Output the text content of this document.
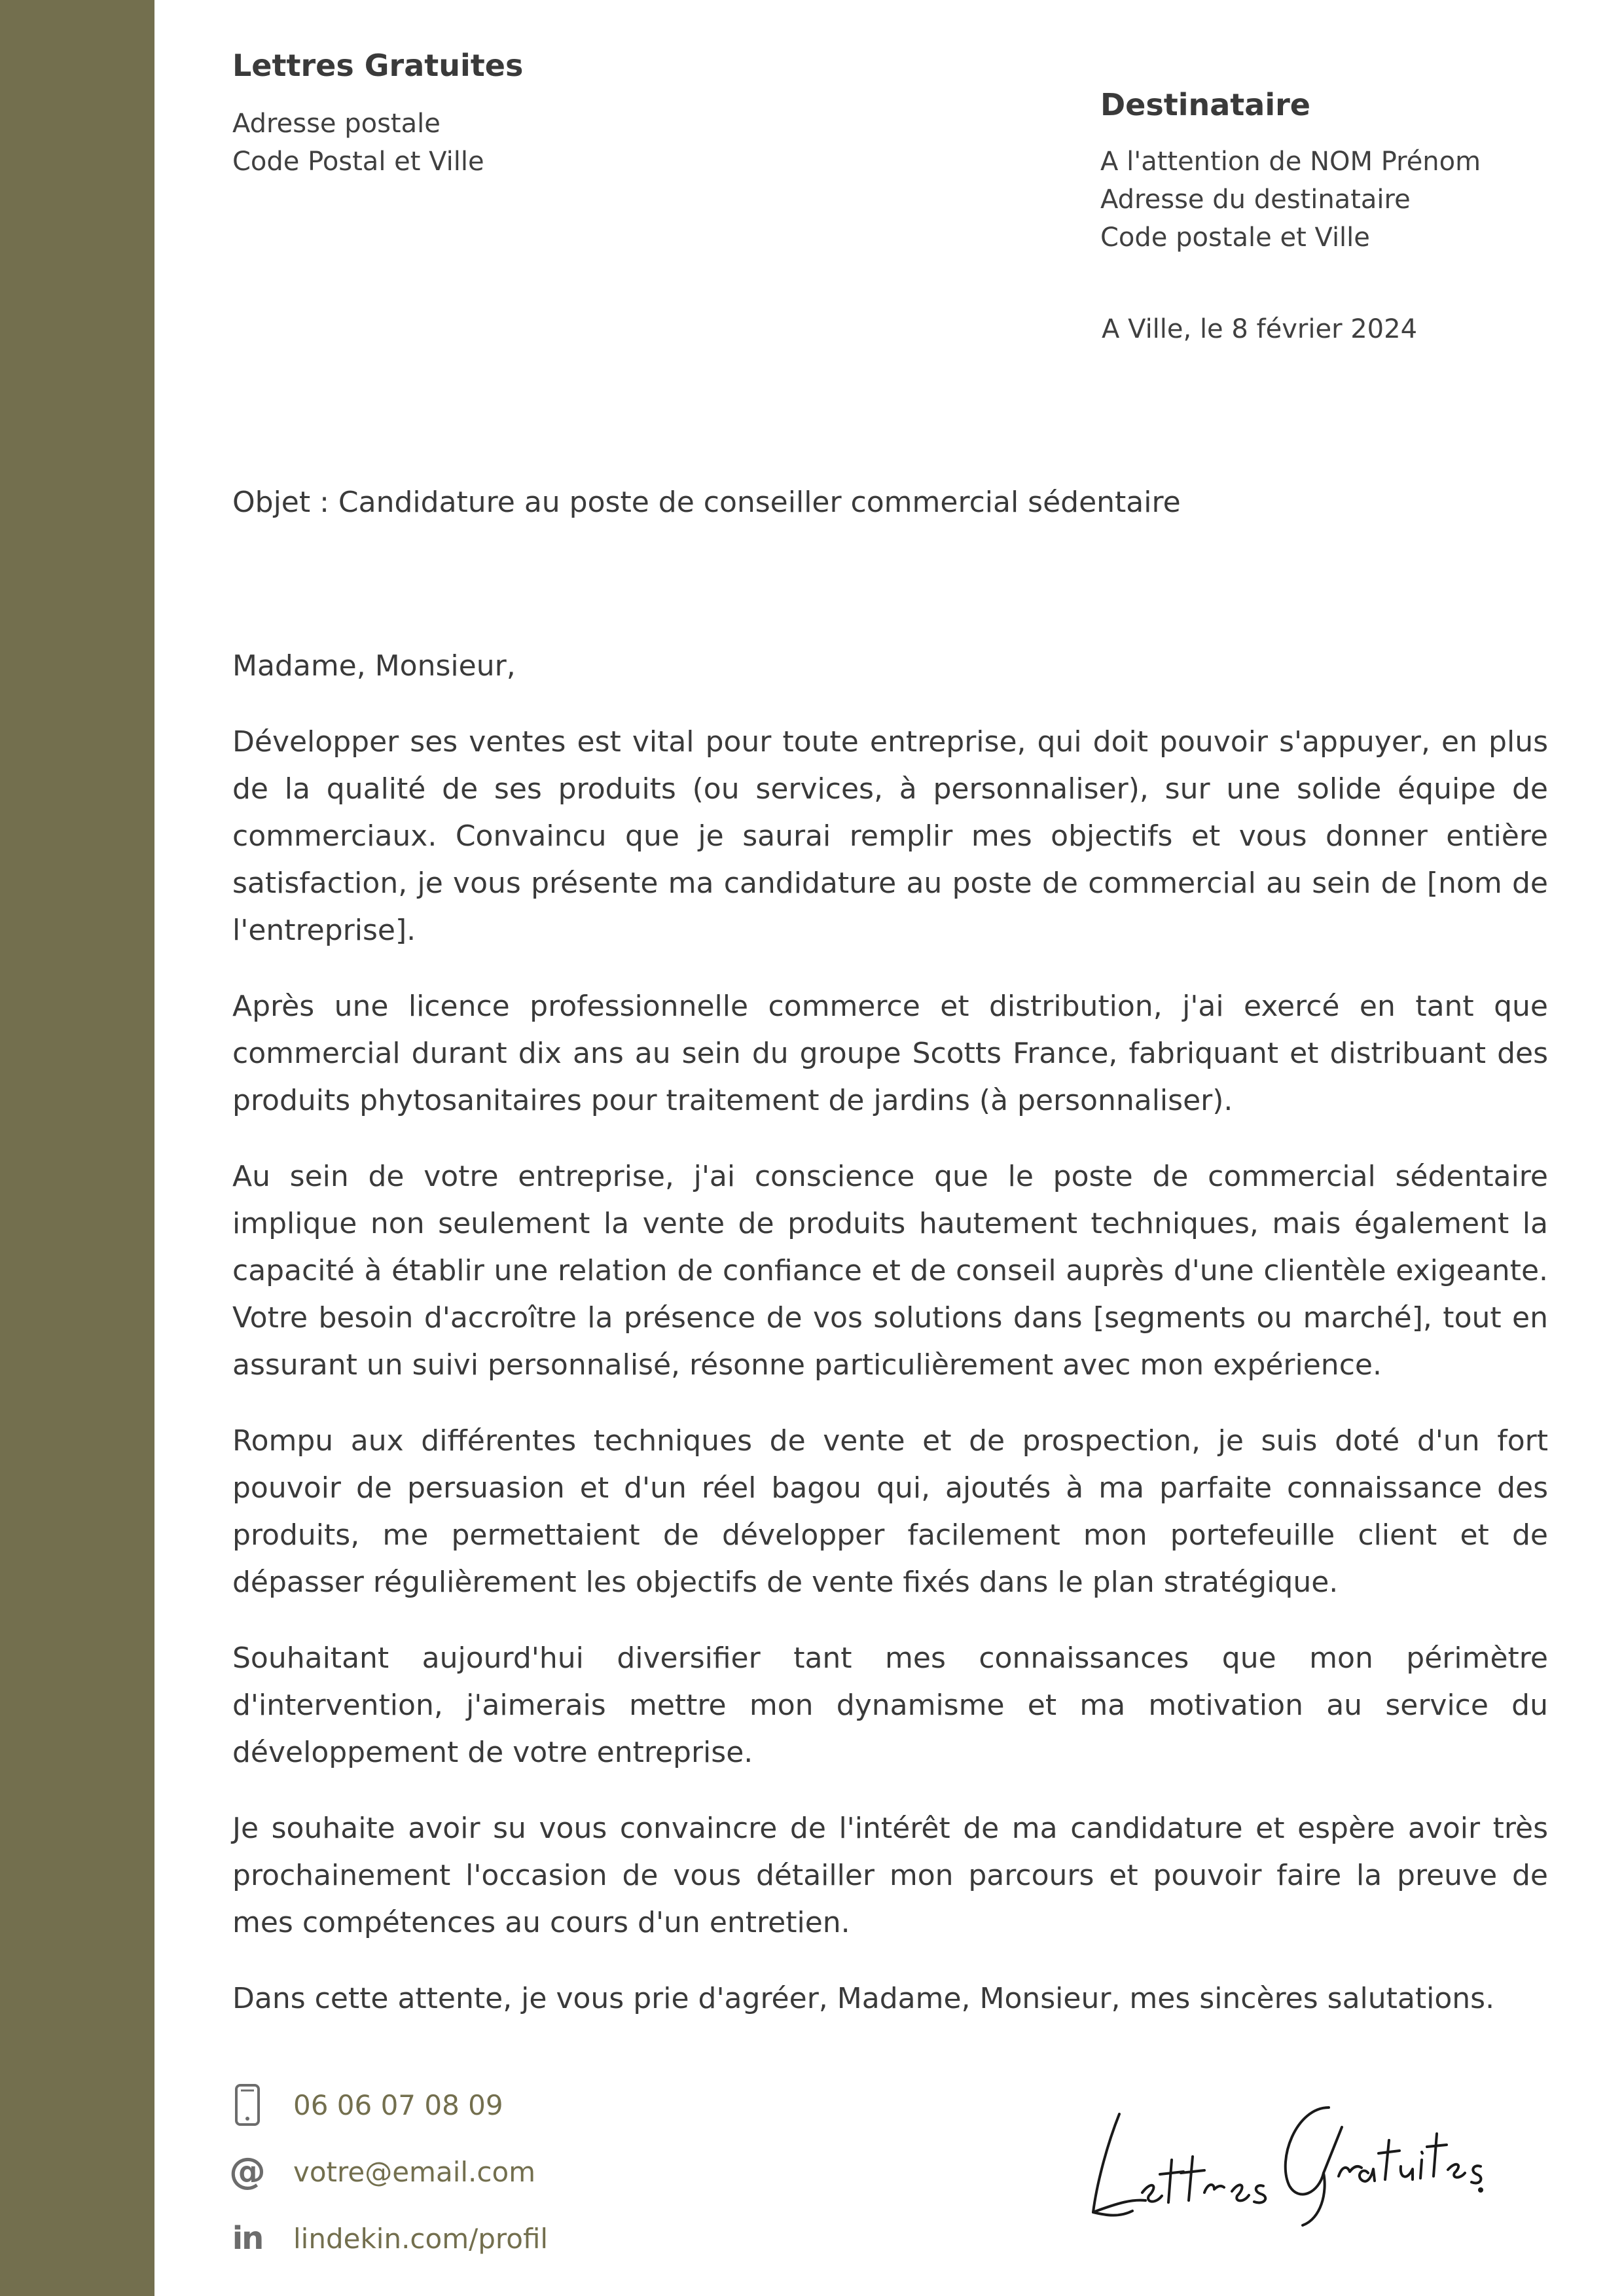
Lettres Gratuites
Adresse postale
Code Postal et Ville
Destinataire
A l'attention de NOM Prénom
Adresse du destinataire
Code postale et Ville
A Ville, le 8 février 2024
Objet : Candidature au poste de conseiller commercial sédentaire
Madame, Monsieur,

Développer ses ventes est vital pour toute entreprise, qui doit pouvoir s'appuyer, en plus de la qualité de ses produits (ou services, à personnaliser), sur une solide équipe de commerciaux. Convaincu que je saurai remplir mes objectifs et vous donner entière satisfaction, je vous présente ma candidature au poste de commercial au sein de [nom de l'entreprise].

Après une licence professionnelle commerce et distribution, j'ai exercé en tant que commercial durant dix ans au sein du groupe Scotts France, fabriquant et distribuant des produits phytosanitaires pour traitement de jardins (à personnaliser).

Au sein de votre entreprise, j'ai conscience que le poste de commercial sédentaire implique non seulement la vente de produits hautement techniques, mais également la capacité à établir une relation de confiance et de conseil auprès d'une clientèle exigeante. Votre besoin d'accroître la présence de vos solutions dans [segments ou marché], tout en assurant un suivi personnalisé, résonne particulièrement avec mon expérience.

Rompu aux différentes techniques de vente et de prospection, je suis doté d'un fort pouvoir de persuasion et d'un réel bagou qui, ajoutés à ma parfaite connaissance des produits, me permettaient de développer facilement mon portefeuille client et de dépasser régulièrement les objectifs de vente fixés dans le plan stratégique.

Souhaitant aujourd'hui diversifier tant mes connaissances que mon périmètre d'intervention, j'aimerais mettre mon dynamisme et ma motivation au service du développement de votre entreprise.

Je souhaite avoir su vous convaincre de l'intérêt de ma candidature et espère avoir très prochainement l'occasion de vous détailler mon parcours et pouvoir faire la preuve de mes compétences au cours d'un entretien.

Dans cette attente, je vous prie d'agréer, Madame, Monsieur, mes sincères salutations.

06 06 07 08 09
@ votre@email.com
in lindekin.com/profil
